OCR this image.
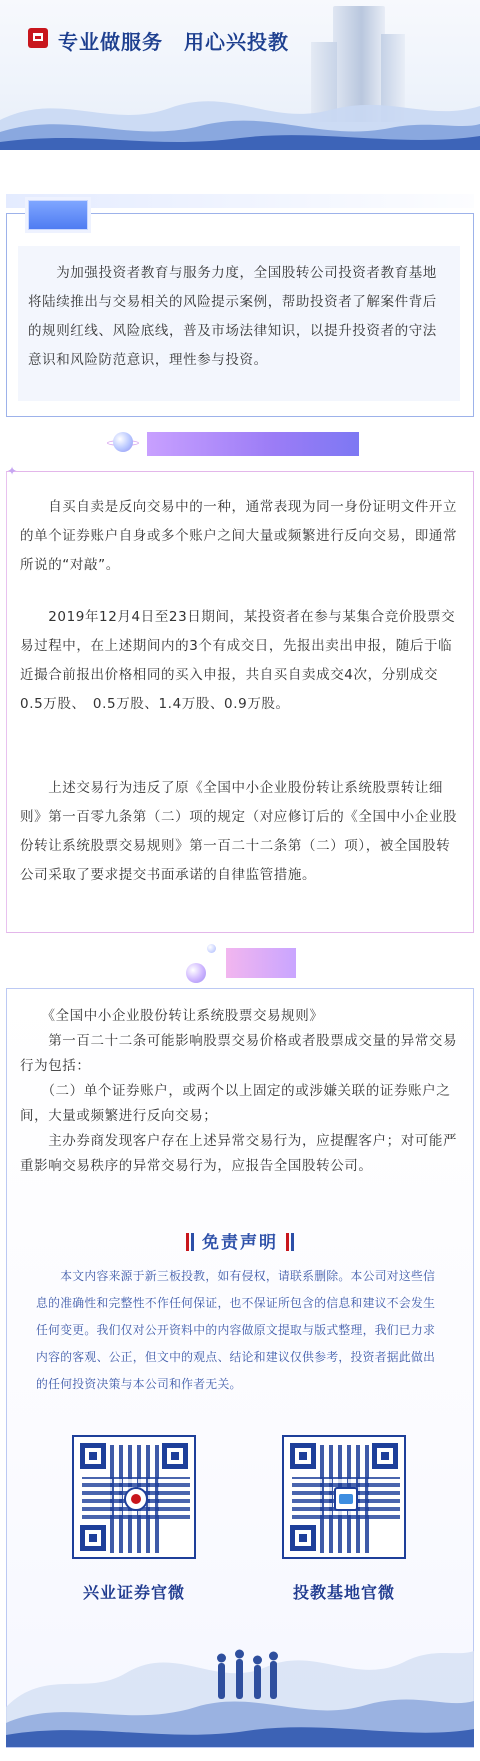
专业做服务　用心兴投教

　　为加强投资者教育与服务力度，全国股转公司投资者教育基地将陆续推出与交易相关的风险提示案例，帮助投资者了解案件背后的规则红线、风险底线，普及市场法律知识，以提升投资者的守法意识和风险防范意识，理性参与投资。

✦

　　自买自卖是反向交易中的一种，通常表现为同一身份证明文件开立的单个证券账户自身或多个账户之间大量或频繁进行反向交易，即通常所说的“对敲”。

　　2019年12月4日至23日期间，某投资者在参与某集合竞价股票交易过程中，在上述期间内的3个有成交日，先报出卖出申报，随后于临近撮合前报出价格相同的买入申报，共自买自卖成交4次，分别成交0.5万股、　0.5万股、1.4万股、0.9万股。

　　上述交易行为违反了原《全国中小企业股份转让系统股票转让细则》第一百零九条第（二）项的规定（对应修订后的《全国中小企业股份转让系统股票交易规则》第一百二十二条第（二）项），被全国股转公司采取了要求提交书面承诺的自律监管措施。

　　《全国中小企业股份转让系统股票交易规则》
　　第一百二十二条可能影响股票交易价格或者股票成交量的异常交易行为包括：
　　（二）单个证券账户，或两个以上固定的或涉嫌关联的证券账户之间，大量或频繁进行反向交易；
　　主办券商发现客户存在上述异常交易行为，应提醒客户；对可能严重影响交易秩序的异常交易行为，应报告全国股转公司。

免责声明

　　本文内容来源于新三板投教，如有侵权，请联系删除。本公司对这些信息的准确性和完整性不作任何保证，也不保证所包含的信息和建议不会发生任何变更。我们仅对公开资料中的内容做原文提取与版式整理，我们已力求内容的客观、公正，但文中的观点、结论和建议仅供参考，投资者据此做出的任何投资决策与本公司和作者无关。

兴业证券官微	投教基地官微
